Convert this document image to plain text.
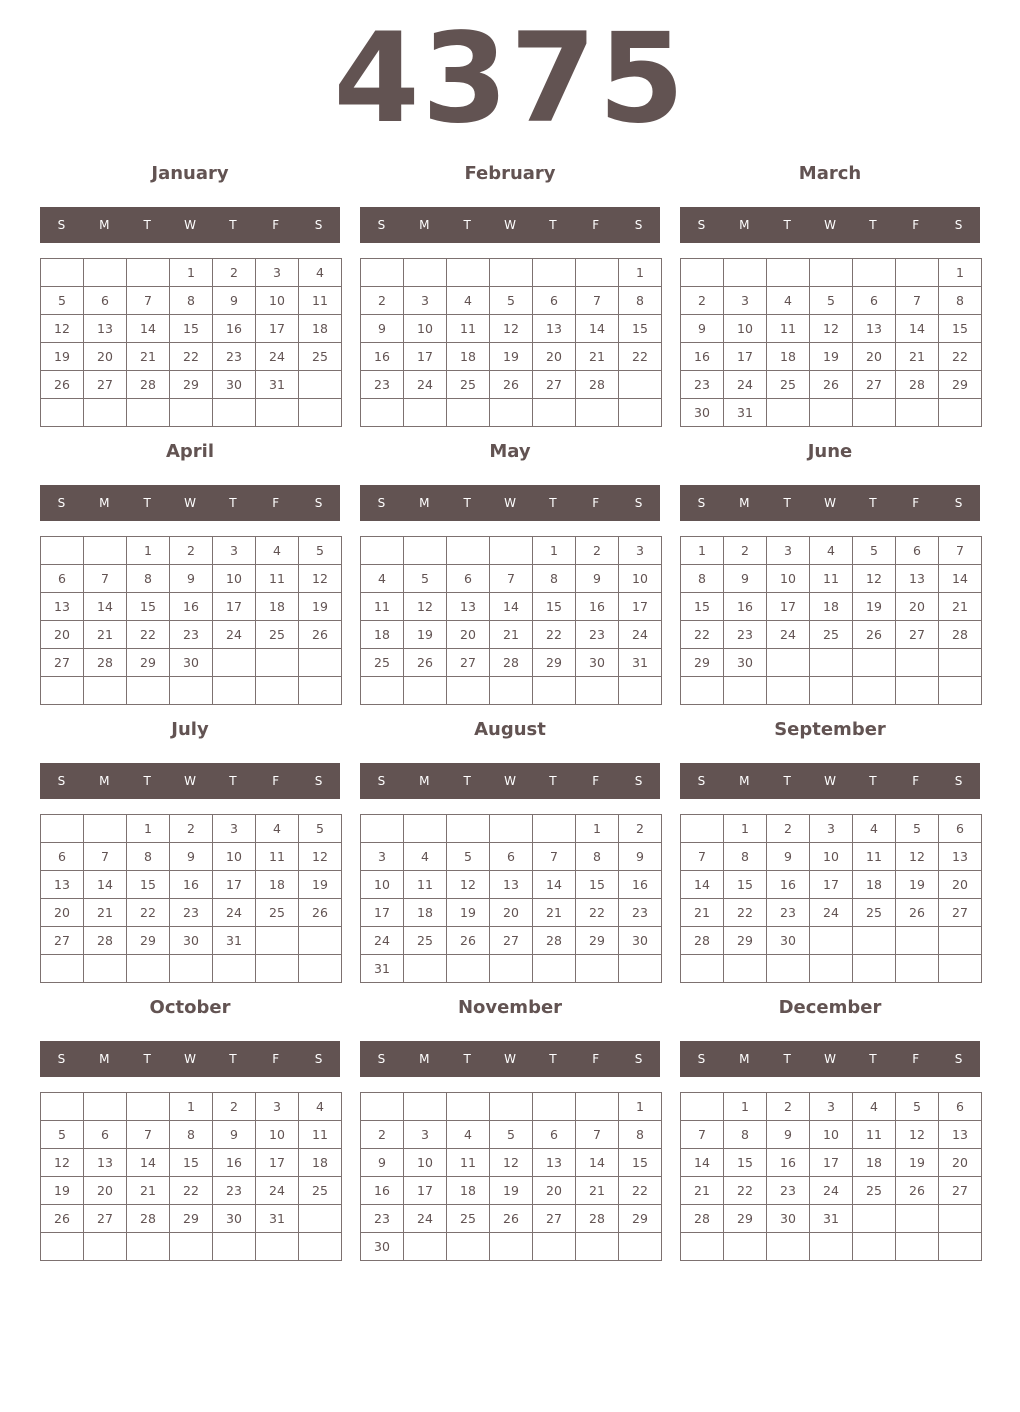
4375
January
S	M	T	W	T	F	S
			1	2	3	4
5	6	7	8	9	10	11
12	13	14	15	16	17	18
19	20	21	22	23	24	25
26	27	28	29	30	31	

February
S	M	T	W	T	F	S
						1
2	3	4	5	6	7	8
9	10	11	12	13	14	15
16	17	18	19	20	21	22
23	24	25	26	27	28	

March
S	M	T	W	T	F	S
						1
2	3	4	5	6	7	8
9	10	11	12	13	14	15
16	17	18	19	20	21	22
23	24	25	26	27	28	29
30	31					
April
S	M	T	W	T	F	S
		1	2	3	4	5
6	7	8	9	10	11	12
13	14	15	16	17	18	19
20	21	22	23	24	25	26
27	28	29	30			

May
S	M	T	W	T	F	S
				1	2	3
4	5	6	7	8	9	10
11	12	13	14	15	16	17
18	19	20	21	22	23	24
25	26	27	28	29	30	31

June
S	M	T	W	T	F	S
1	2	3	4	5	6	7
8	9	10	11	12	13	14
15	16	17	18	19	20	21
22	23	24	25	26	27	28
29	30					

July
S	M	T	W	T	F	S
		1	2	3	4	5
6	7	8	9	10	11	12
13	14	15	16	17	18	19
20	21	22	23	24	25	26
27	28	29	30	31		

August
S	M	T	W	T	F	S
					1	2
3	4	5	6	7	8	9
10	11	12	13	14	15	16
17	18	19	20	21	22	23
24	25	26	27	28	29	30
31						
September
S	M	T	W	T	F	S
	1	2	3	4	5	6
7	8	9	10	11	12	13
14	15	16	17	18	19	20
21	22	23	24	25	26	27
28	29	30				

October
S	M	T	W	T	F	S
			1	2	3	4
5	6	7	8	9	10	11
12	13	14	15	16	17	18
19	20	21	22	23	24	25
26	27	28	29	30	31	

November
S	M	T	W	T	F	S
						1
2	3	4	5	6	7	8
9	10	11	12	13	14	15
16	17	18	19	20	21	22
23	24	25	26	27	28	29
30						
December
S	M	T	W	T	F	S
	1	2	3	4	5	6
7	8	9	10	11	12	13
14	15	16	17	18	19	20
21	22	23	24	25	26	27
28	29	30	31			
